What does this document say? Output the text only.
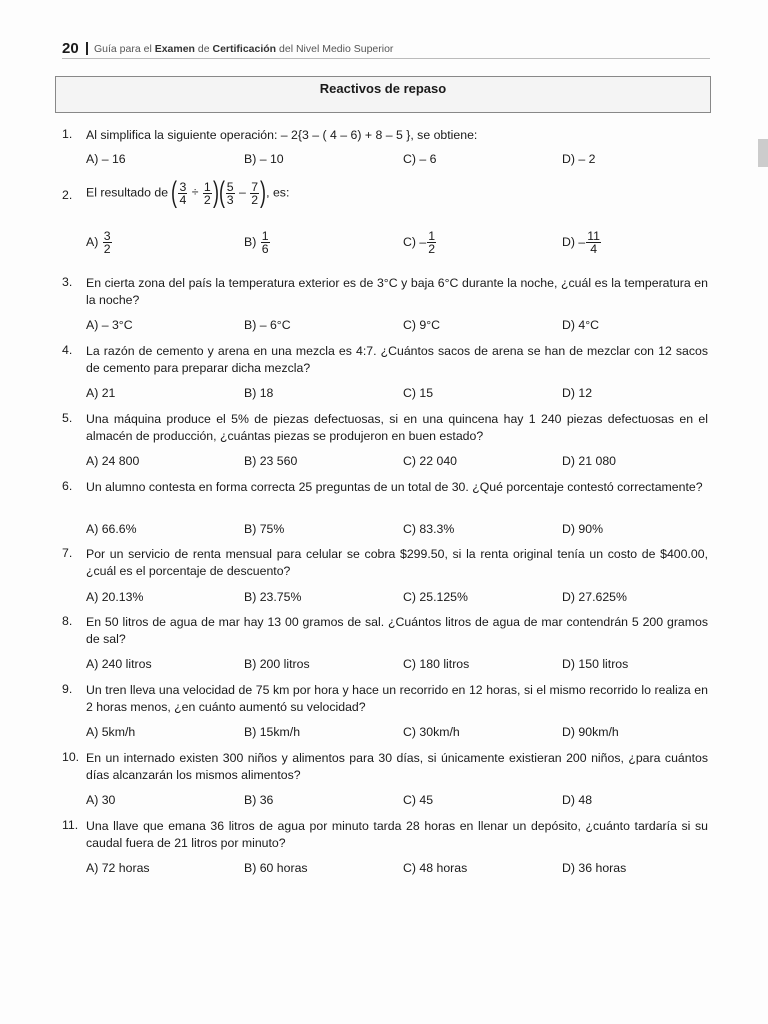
20 Guía para el Examen de Certificación del Nivel Medio Superior
Reactivos de repaso
1. Al simplifica la siguiente operación: – 2{3 – ( 4 – 6) + 8 – 5 }, se obtiene:
A) – 16	B) – 10	C) – 6	D) – 2
2. El resultado de ( $\frac{3}{4} \div \frac{1}{2}$ )( $\frac{5}{3} - \frac{7}{2}$ ), es:
$A) \frac{3}{2}$	$B) \frac{1}{6}$	$C) - \frac{1}{2}$	$D) - \frac{11}{4}$
3. En cierta zona del país la temperatura exterior es de 3°C y baja 6°C durante la noche, ¿cuál es la temperatura en la noche?
A) – 3°C	B) – 6°C	C) 9°C	D) 4°C
4. La razón de cemento y arena en una mezcla es 4:7. ¿Cuántos sacos de arena se han de mezclar con 12 sacos de cemento para preparar dicha mezcla?
A) 21	B) 18	C) 15	D) 12
5. Una máquina produce el 5% de piezas defectuosas, si en una quincena hay 1 240 piezas defectuosas en el almacén de producción, ¿cuántas piezas se produjeron en buen estado?
A) 24 800	B) 23 560	C) 22 040	D) 21 080
6. Un alumno contesta en forma correcta 25 preguntas de un total de 30. ¿Qué porcentaje contestó correctamente?
A) 66.6%	B) 75%	C) 83.3%	D) 90%
7. Por un servicio de renta mensual para celular se cobra $299.50, si la renta original tenía un costo de $400.00, ¿cuál es el porcentaje de descuento?
A) 20.13%	B) 23.75%	C) 25.125%	D) 27.625%
8. En 50 litros de agua de mar hay 13 00 gramos de sal. ¿Cuántos litros de agua de mar contendrán 5 200 gramos de sal?
A) 240 litros	B) 200 litros	C) 180 litros	D) 150 litros
9. Un tren lleva una velocidad de 75 km por hora y hace un recorrido en 12 horas, si el mismo recorrido lo realiza en 2 horas menos, ¿en cuánto aumentó su velocidad?
A) 5km/h	B) 15km/h	C) 30km/h	D) 90km/h
10. En un internado existen 300 niños y alimentos para 30 días, si únicamente existieran 200 niños, ¿para cuántos días alcanzarán los mismos alimentos?
A) 30	B) 36	C) 45	D) 48
11. Una llave que emana 36 litros de agua por minuto tarda 28 horas en llenar un depósito, ¿cuánto tardaría si su caudal fuera de 21 litros por minuto?
A) 72 horas	B) 60 horas	C) 48 horas	D) 36 horas
